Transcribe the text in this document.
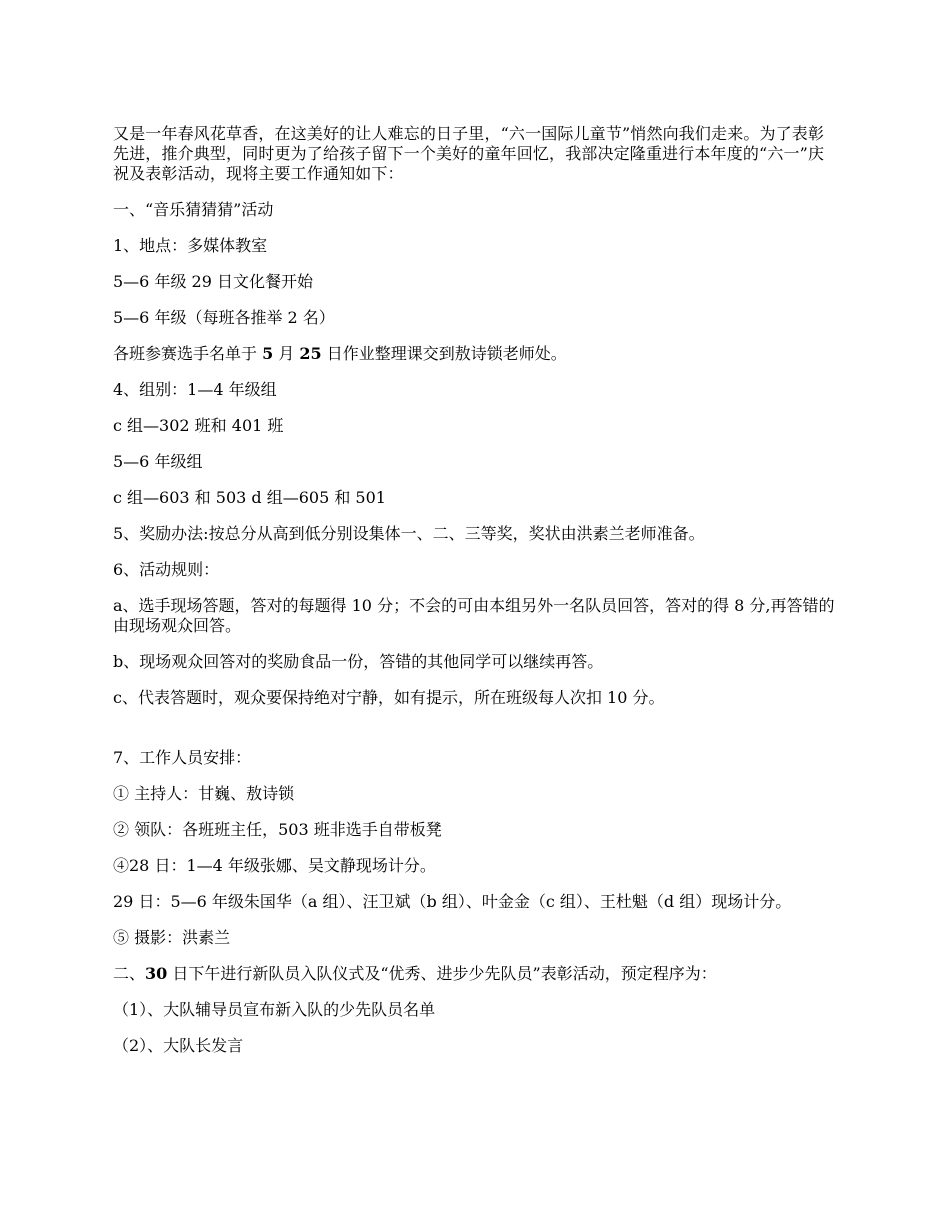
又是一年春风花草香，在这美好的让人难忘的日子里，“六一国际儿童节”悄然向我们走来。为了表彰先进，推介典型，同时更为了给孩子留下一个美好的童年回忆，我部决定隆重进行本年度的“六一”庆祝及表彰活动，现将主要工作通知如下：

一、“音乐猜猜猜”活动

1、地点：多媒体教室

5—6 年级 29 日文化餐开始

5—6 年级（每班各推举 2 名）

各班参赛选手名单于 5 月 25 日作业整理课交到敖诗锁老师处。

4、组别：1—4 年级组

c 组—302 班和 401 班

5—6 年级组

c 组—603 和 503 d 组—605 和 501

5、奖励办法:按总分从高到低分别设集体一、二、三等奖，奖状由洪素兰老师准备。

6、活动规则：

a、选手现场答题，答对的每题得 10 分；不会的可由本组另外一名队员回答，答对的得 8 分,再答错的由现场观众回答。

b、现场观众回答对的奖励食品一份，答错的其他同学可以继续再答。

c、代表答题时，观众要保持绝对宁静，如有提示，所在班级每人次扣 10 分。

7、工作人员安排：

① 主持人：甘巍、敖诗锁

② 领队：各班班主任，503 班非选手自带板凳

④28 日：1—4 年级张娜、吴文静现场计分。

29 日：5—6 年级朱国华（a 组）、汪卫斌（b 组）、叶金金（c 组）、王杜魁（d 组）现场计分。

⑤ 摄影：洪素兰

二、30 日下午进行新队员入队仪式及“优秀、进步少先队员”表彰活动，预定程序为：

（1）、大队辅导员宣布新入队的少先队员名单

（2）、大队长发言
